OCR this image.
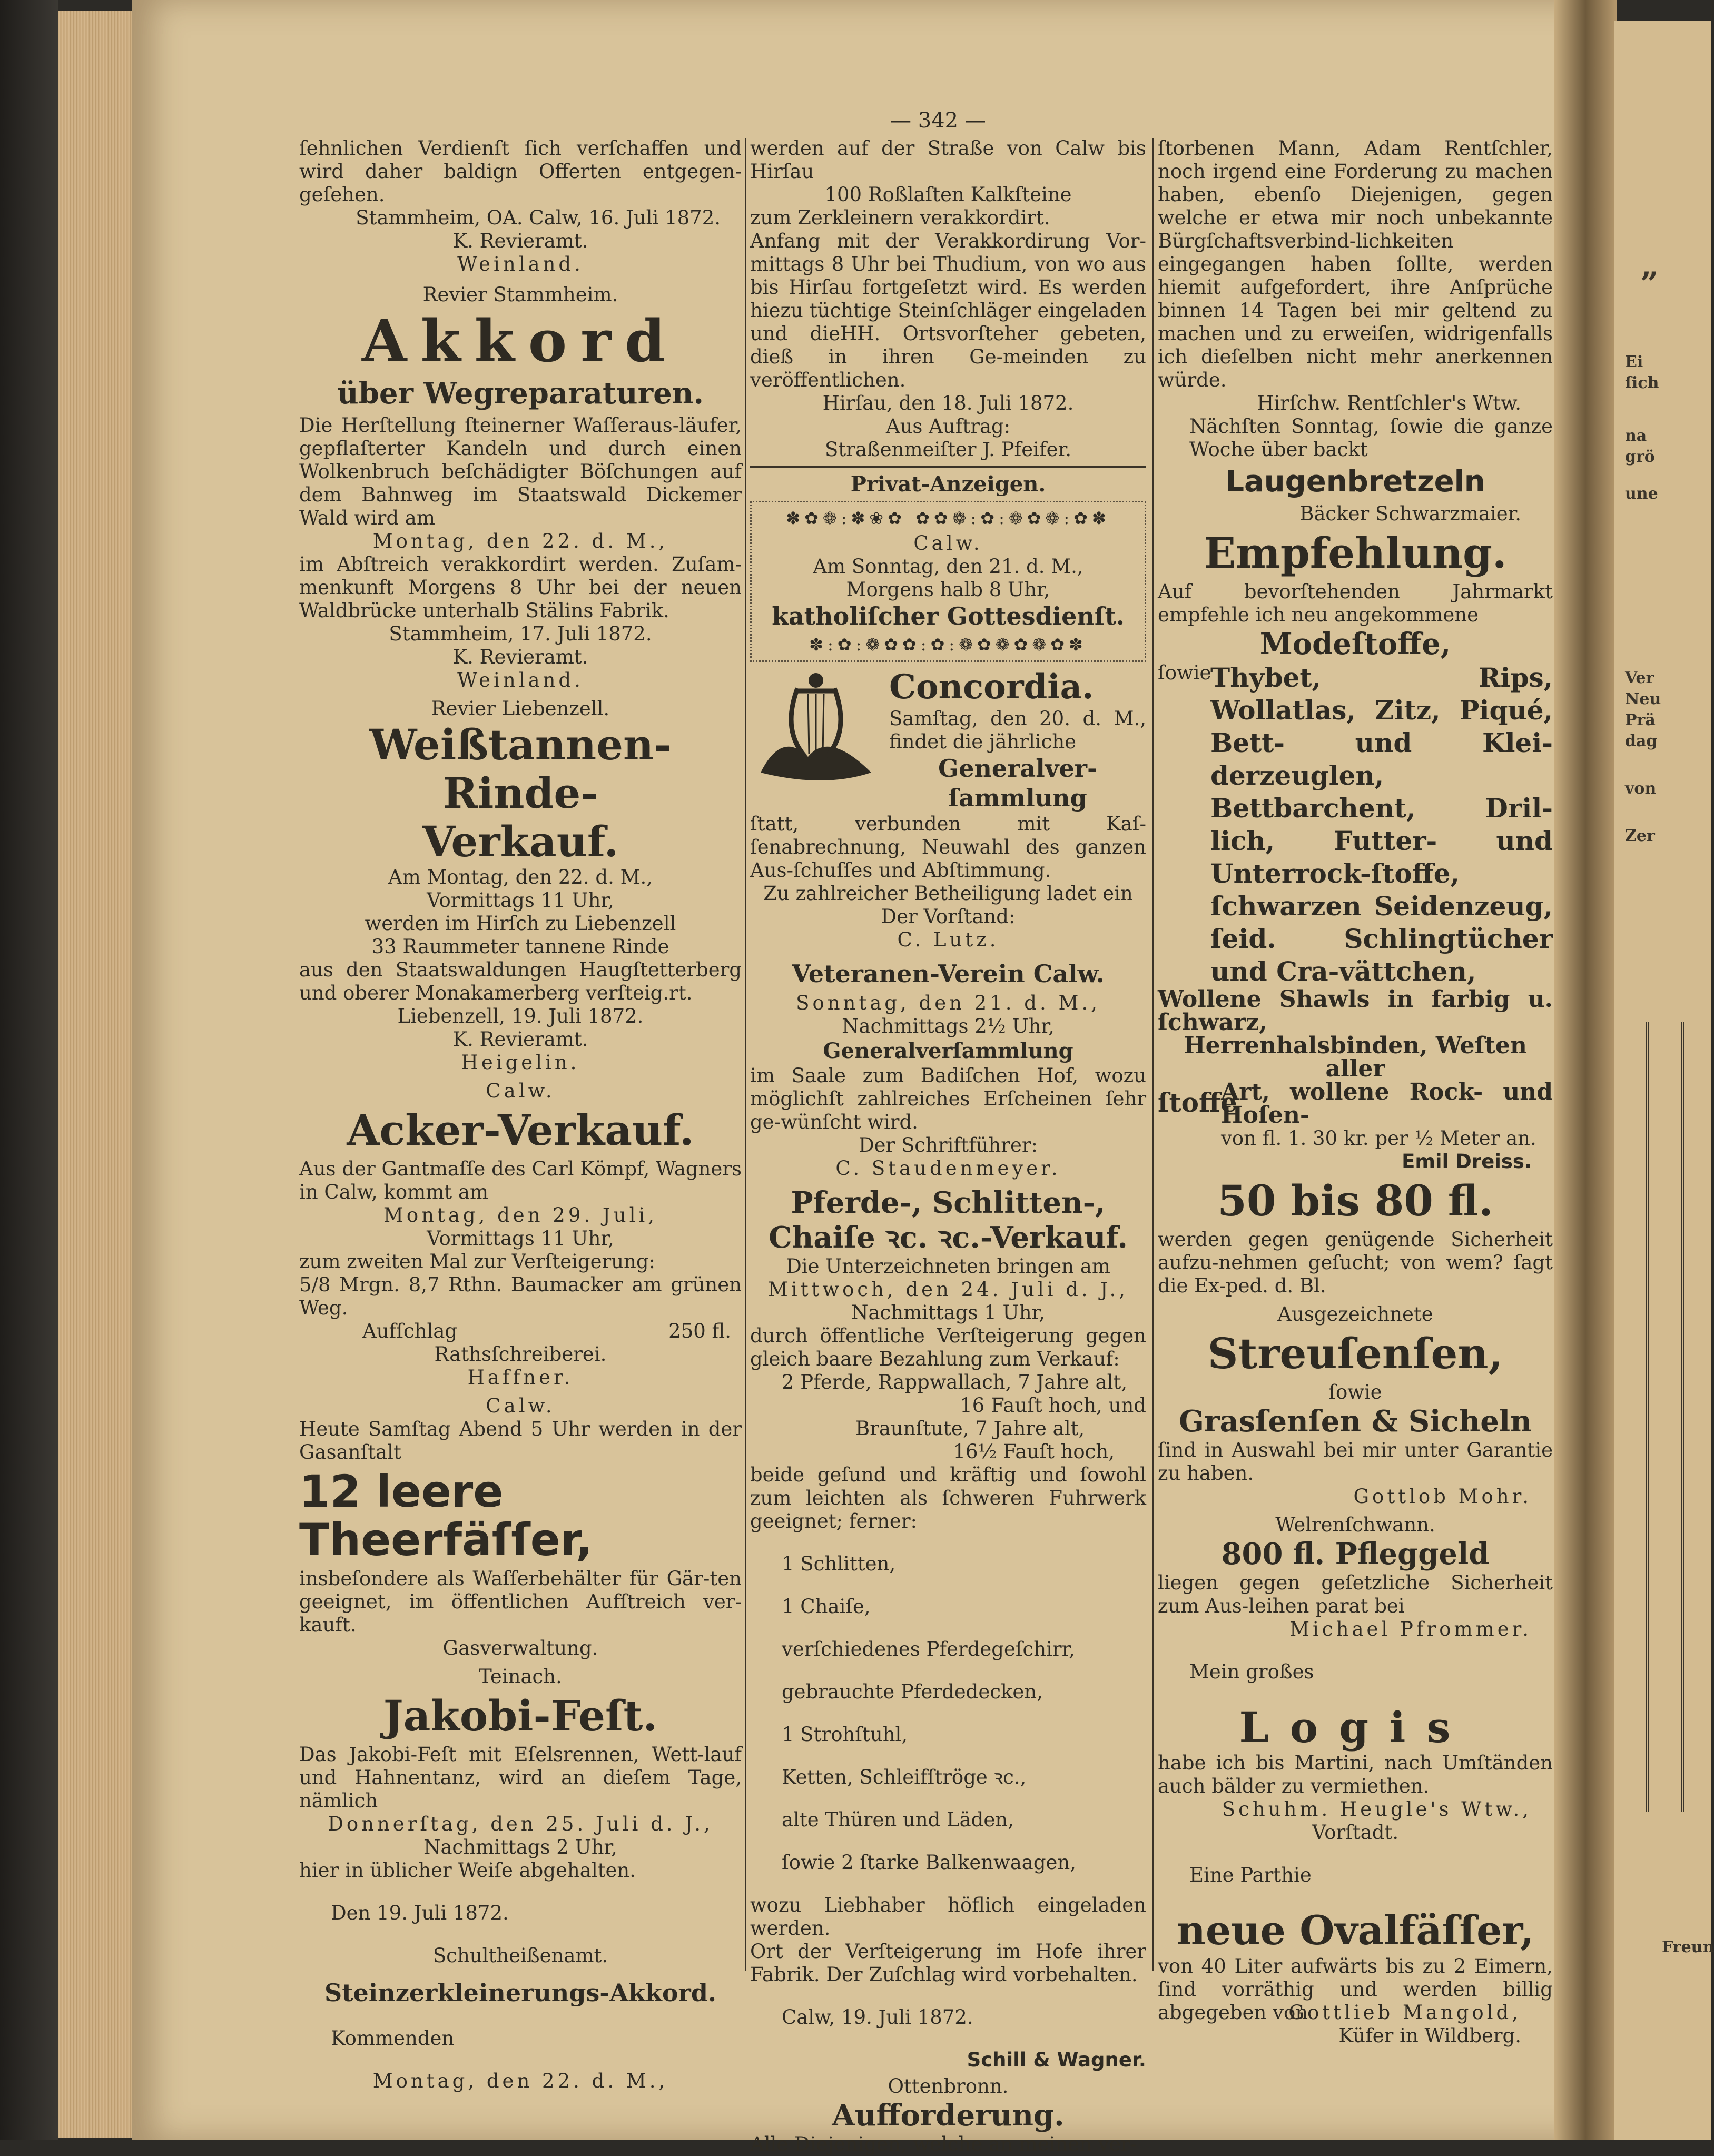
„
Ei
ſich
na
grö
une
Ver
Neu
Prä
dag
von
Zer
Freun
— 342 —

ſehnlichen Verdienſt ſich verſchaffen und wird daher baldign Offerten entgegen-geſehen.

Stammheim, OA. Calw, 16. Juli 1872.

K. Revieramt.

Weinland.

Revier Stammheim.

Akkord

über Wegreparaturen.

Die Herſtellung ſteinerner Waſſeraus-läufer, gepflaſterter Kandeln und durch einen Wolkenbruch beſchädigter Böſchungen auf dem Bahnweg im Staatswald Dickemer Wald wird am

Montag, den 22. d. M.,

im Abſtreich verakkordirt werden. Zuſam-menkunft Morgens 8 Uhr bei der neuen Waldbrücke unterhalb Stälins Fabrik.

Stammheim, 17. Juli 1872.

K. Revieramt.

Weinland.

Revier Liebenzell.

Weißtannen-Rinde-

Verkauf.

Am Montag, den 22. d. M.,

Vormittags 11 Uhr,

werden im Hirſch zu Liebenzell

33 Raummeter tannene Rinde

aus den Staatswaldungen Haugſtetterberg und oberer Monakamerberg verſteig.rt.

Liebenzell, 19. Juli 1872.

K. Revieramt.

Heigelin.

Calw.

Acker-Verkauf.

Aus der Gantmaſſe des Carl Kömpf, Wagners in Calw, kommt am

Montag, den 29. Juli,

Vormittags 11 Uhr,

zum zweiten Mal zur Verſteigerung:

5/8 Mrgn. 8,7 Rthn. Baumacker am grünen Weg.

Aufſchlag	250 fl.

Rathsſchreiberei.

Haffner.

Calw.

Heute Samſtag Abend 5 Uhr werden in der Gasanſtalt

12 leere Theerfäſſer,

insbeſondere als Waſſerbehälter für Gär-ten geeignet, im öffentlichen Aufſtreich ver-kauft.

Gasverwaltung.

Teinach.

Jakobi-Feſt.

Das Jakobi-Feſt mit Eſelsrennen, Wett-lauf und Hahnentanz, wird an dieſem Tage, nämlich

Donnerſtag, den 25. Juli d. J.,

Nachmittags 2 Uhr,

hier in üblicher Weiſe abgehalten.

Den 19. Juli 1872.

Schultheißenamt.

Steinzerkleinerungs-Akkord.

Kommenden

Montag, den 22. d. M.,

werden auf der Straße von Calw bis Hirſau

100 Roßlaſten Kalkſteine

zum Zerkleinern verakkordirt.

Anfang mit der Verakkordirung Vor-mittags 8 Uhr bei Thudium, von wo aus bis Hirſau fortgeſetzt wird. Es werden hiezu tüchtige Steinſchläger eingeladen und dieHH. Ortsvorſteher gebeten, dieß in ihren Ge-meinden zu veröffentlichen.

Hirſau, den 18. Juli 1872.

Aus Auftrag:

Straßenmeiſter J. Pfeifer.

Privat-Anzeigen.

✽✿❁:✽❀✿ ✿✿❁:✿:❁✿❁:✿✽

Calw.

Am Sonntag, den 21. d. M.,

Morgens halb 8 Uhr,

katholiſcher Gottesdienſt.

✽:✿:❁✿✿:✿:❁✿❁✿❁✿✽

Concordia.

Samſtag, den 20. d. M., findet die jährliche

Generalver-ſammlung

ſtatt, verbunden mit Kaſ-ſenabrechnung, Neuwahl des ganzen Aus-ſchuſſes und Abſtimmung.

Zu zahlreicher Betheiligung ladet ein

Der Vorſtand:

C. Lutz.

Veteranen-Verein Calw.

Sonntag, den 21. d. M.,

Nachmittags 2½ Uhr,

Generalverſammlung

im Saale zum Badiſchen Hof, wozu möglichſt zahlreiches Erſcheinen ſehr ge-wünſcht wird.

Der Schriftführer:

C. Staudenmeyer.

Pferde-, Schlitten-,

Chaiſe ꝛc. ꝛc.-Verkauf.

Die Unterzeichneten bringen am

Mittwoch, den 24. Juli d. J.,

Nachmittags 1 Uhr,

durch öffentliche Verſteigerung gegen gleich baare Bezahlung zum Verkauf:

2 Pferde, Rappwallach, 7 Jahre alt,

16 Fauſt hoch, und

Braunſtute, 7 Jahre alt,

16½ Fauſt hoch,

beide geſund und kräftig und ſowohl zum leichten als ſchweren Fuhrwerk geeignet; ferner:

1 Schlitten,

1 Chaiſe,

verſchiedenes Pferdegeſchirr,

gebrauchte Pferdedecken,

1 Strohſtuhl,

Ketten, Schleifſtröge ꝛc.,

alte Thüren und Läden,

ſowie 2 ſtarke Balkenwaagen,

wozu Liebhaber höflich eingeladen werden.

Ort der Verſteigerung im Hofe ihrer Fabrik. Der Zuſchlag wird vorbehalten.

Calw, 19. Juli 1872.

Schill & Wagner.

Ottenbronn.

Aufforderung.

Alle Diejenigen, welche an meinen ver-

ſtorbenen Mann, Adam Rentſchler, noch irgend eine Forderung zu machen haben, ebenſo Diejenigen, gegen welche er etwa mir noch unbekannte Bürgſchaftsverbind-lichkeiten eingegangen haben ſollte, werden hiemit aufgefordert, ihre Anſprüche binnen 14 Tagen bei mir geltend zu machen und zu erweiſen, widrigenfalls ich dieſelben nicht mehr anerkennen würde.

Hirſchw. Rentſchler's Wtw.

Nächſten Sonntag, ſowie die ganze Woche über backt

Laugenbretzeln

Bäcker Schwarzmaier.

Empfehlung.

Auf bevorſtehenden Jahrmarkt empfehle ich neu angekommene

Modeſtoffe,

ſowie

Thybet, Rips, Wollatlas, Zitz, Piqué, Bett- und Klei-derzeuglen, Bettbarchent, Dril-lich, Futter- und Unterrock-ſtoffe, ſchwarzen Seidenzeug, ſeid. Schlingtücher und Cra-vättchen,

Wollene Shawls in farbig u. ſchwarz,

Herrenhalsbinden, Weſten aller

ſtoffe

Art, wollene Rock- und Hoſen-

von fl. 1. 30 kr. per ½ Meter an.

Emil Dreiss.

50 bis 80 fl.

werden gegen genügende Sicherheit aufzu-nehmen geſucht; von wem? ſagt die Ex-ped. d. Bl.

Ausgezeichnete

Streuſenſen,

ſowie

Grasſenſen & Sicheln

ſind in Auswahl bei mir unter Garantie zu haben.

Gottlob Mohr.

Welrenſchwann.

800 fl. Pfleggeld

liegen gegen geſetzliche Sicherheit zum Aus-leihen parat bei

Michael Pfrommer.

Mein großes

Logis

habe ich bis Martini, nach Umſtänden auch bälder zu vermiethen.

Schuhm. Heugle's Wtw.,

Vorſtadt.

Eine Parthie

neue Ovalfäſſer,

von 40 Liter aufwärts bis zu 2 Eimern, ſind vorräthig und werden billig abgegeben von

Gottlieb Mangold,

Küfer in Wildberg.
